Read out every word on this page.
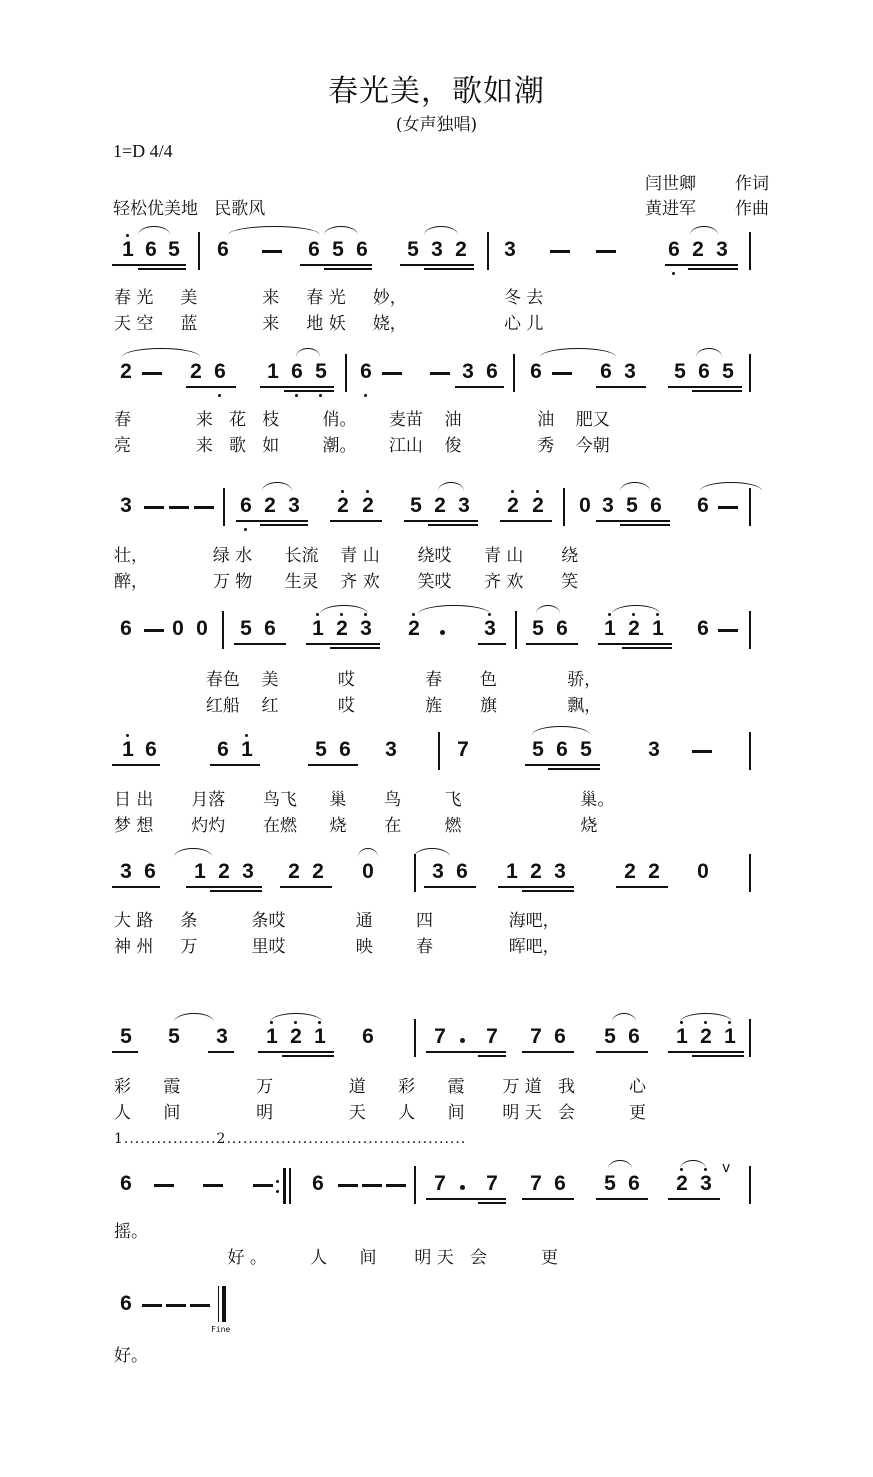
春光美，歌如潮
(女声独唱)
1=D 4/4
轻松优美地   民歌风
闫世卿 作词
黄进军 作曲
1 6 5 6	6 5 6 5 3 2 3	6 2 3
春 光     美            来     春 光     妙，                  冬 去
天 空     蓝            来     地 妖     娆，                  心 儿
2	2 6 1 6 5 6	3 6 6	6 3 5 6 5
春            来   花   枝        俏。      麦苗    油              油    肥又
亮            来   歌   如        潮。      江山    俊              秀    今朝
3	6 2 3 2 2 5 2 3 2 2 0 3 5 6 6
壮，            绿 水      长流    青 山       绕哎      青 山       绕
醉，            万 物      生灵    齐 欢       笑哎      齐 欢       笑
6 0 0 5 6 1 2 3 2	3 5 6 1 2 1 6
春色    美           哎             春       色             骄，
红船    红           哎             旌       旗             飘，
1 6	6 1	5 6 3	7	5 6 5	3
日 出       月落       鸟飞      巢       鸟        飞                      巢。
梦 想       灼灼       在燃      烧       在        燃                      烧
3 6 1 2 3 2 2 0	3 6 1 2 3	2 2 0
大 路     条          条哎             通        四              海吧，
神 州     万          里哎             映        春              晖吧，
5 5 3 1 2 1 6	7 7 7 6 5 6 1 2 1
彩      霞              万              道      彩      霞       万 道   我          心
人      间              明              天      人      间       明 天   会          更
6	6	7 7 7 6 5 6 2 3
摇。
好 。        人      间       明 天   会          更
6
好。
1.................2............................................
v
Fine
